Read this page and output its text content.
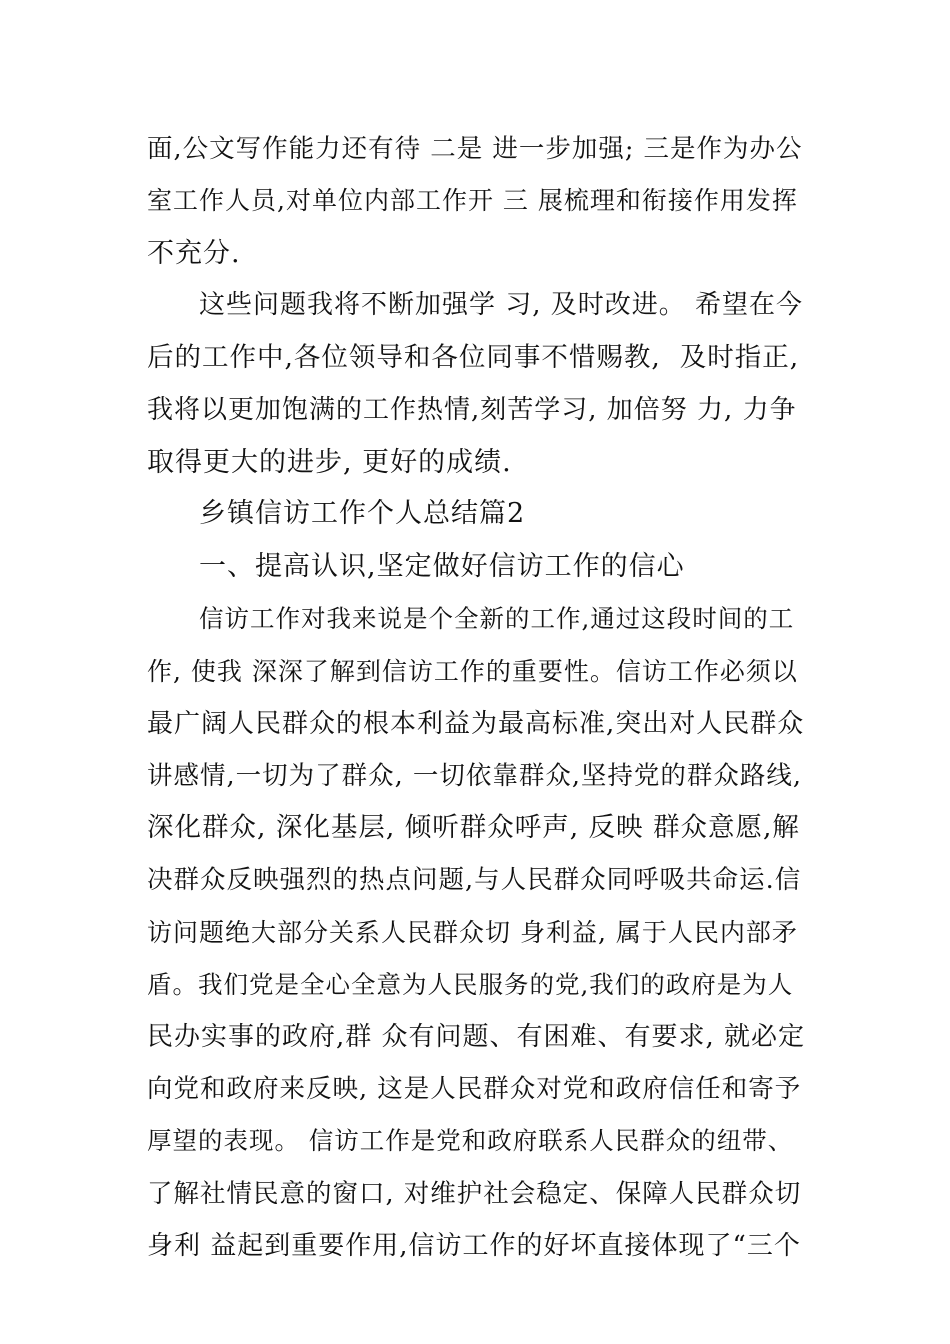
面,公文写作能力还有待 二是 进一步加强; 三是作为办公
室工作人员,对单位内部工作开 三 展梳理和衔接作用发挥
不充分.
这些问题我将不断加强学 习, 及时改进。 希望在今
后的工作中,各位领导和各位同事不惜赐教,  及时指正,
我将以更加饱满的工作热情,刻苦学习, 加倍努 力, 力争
取得更大的进步, 更好的成绩.
乡镇信访工作个人总结篇2
一、提高认识,坚定做好信访工作的信心
信访工作对我来说是个全新的工作,通过这段时间的工
作, 使我 深深了解到信访工作的重要性。信访工作必须以
最广阔人民群众的根本利益为最高标准,突出对人民群众
讲感情,一切为了群众, 一切依靠群众,坚持党的群众路线,
深化群众, 深化基层, 倾听群众呼声, 反映 群众意愿,解
决群众反映强烈的热点问题,与人民群众同呼吸共命运.信
访问题绝大部分关系人民群众切 身利益, 属于人民内部矛
盾。我们党是全心全意为人民服务的党,我们的政府是为人
民办实事的政府,群 众有问题、有困难、有要求, 就必定
向党和政府来反映, 这是人民群众对党和政府信任和寄予
厚望的表现。 信访工作是党和政府联系人民群众的纽带、
了解社情民意的窗口, 对维护社会稳定、保障人民群众切
身利 益起到重要作用,信访工作的好坏直接体现了“三个
